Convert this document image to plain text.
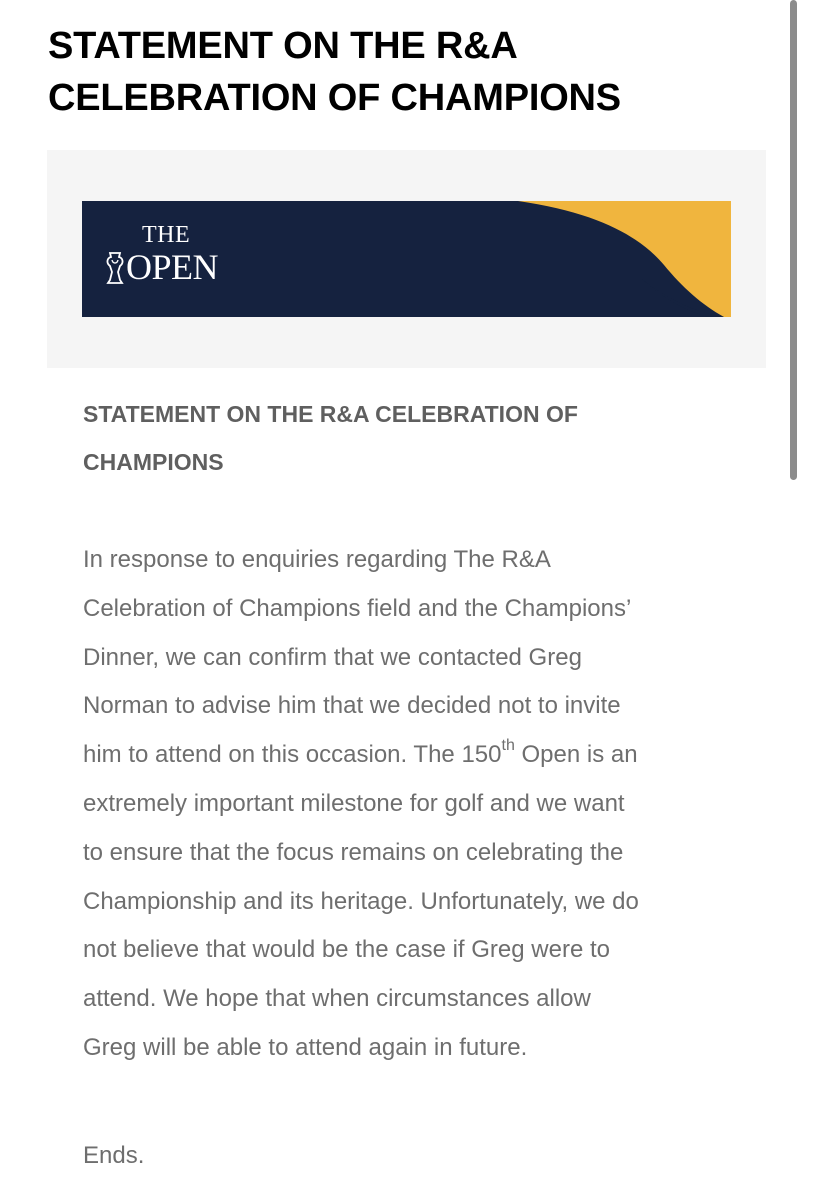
STATEMENT ON THE R&A
CELEBRATION OF CHAMPIONS
THE
OPEN
STATEMENT ON THE R&A CELEBRATION OF
CHAMPIONS
In response to enquiries regarding The R&A
Celebration of Champions field and the Champions’
Dinner, we can confirm that we contacted Greg
Norman to advise him that we decided not to invite
him to attend on this occasion. The 150th Open is an
extremely important milestone for golf and we want
to ensure that the focus remains on celebrating the
Championship and its heritage. Unfortunately, we do
not believe that would be the case if Greg were to
attend. We hope that when circumstances allow
Greg will be able to attend again in future.

Ends.
